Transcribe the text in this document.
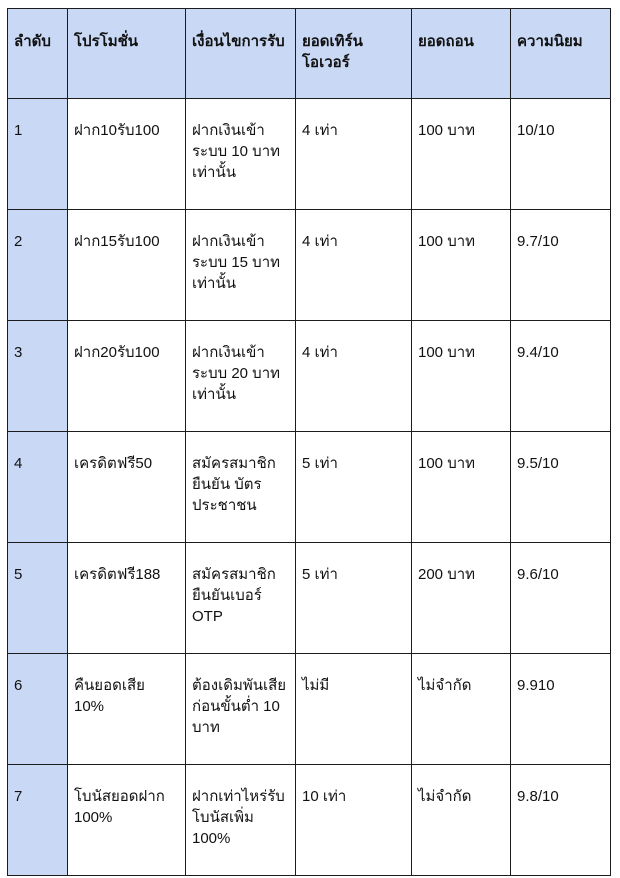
ลำดับ	โปรโมชั่น	เงื่อนไขการรับ	ยอดเทิร์นโอเวอร์	ยอดถอน	ความนิยม
1	ฝาก10รับ100	ฝากเงินเข้าระบบ 10 บาทเท่านั้น	4 เท่า	100 บาท	10/10
2	ฝาก15รับ100	ฝากเงินเข้าระบบ 15 บาทเท่านั้น	4 เท่า	100 บาท	9.7/10
3	ฝาก20รับ100	ฝากเงินเข้าระบบ 20 บาทเท่านั้น	4 เท่า	100 บาท	9.4/10
4	เครดิตฟรี50	สมัครสมาชิกยืนยัน บัตรประชาชน	5 เท่า	100 บาท	9.5/10
5	เครดิตฟรี188	สมัครสมาชิกยืนยันเบอร์ OTP	5 เท่า	200 บาท	9.6/10
6	คืนยอดเสีย 10%	ต้องเดิมพันเสียก่อนขั้นต่ำ 10 บาท	ไม่มี	ไม่จำกัด	9.910
7	โบนัสยอดฝาก 100%	ฝากเท่าไหร่รับโบนัสเพิ่ม 100%	10 เท่า	ไม่จำกัด	9.8/10
